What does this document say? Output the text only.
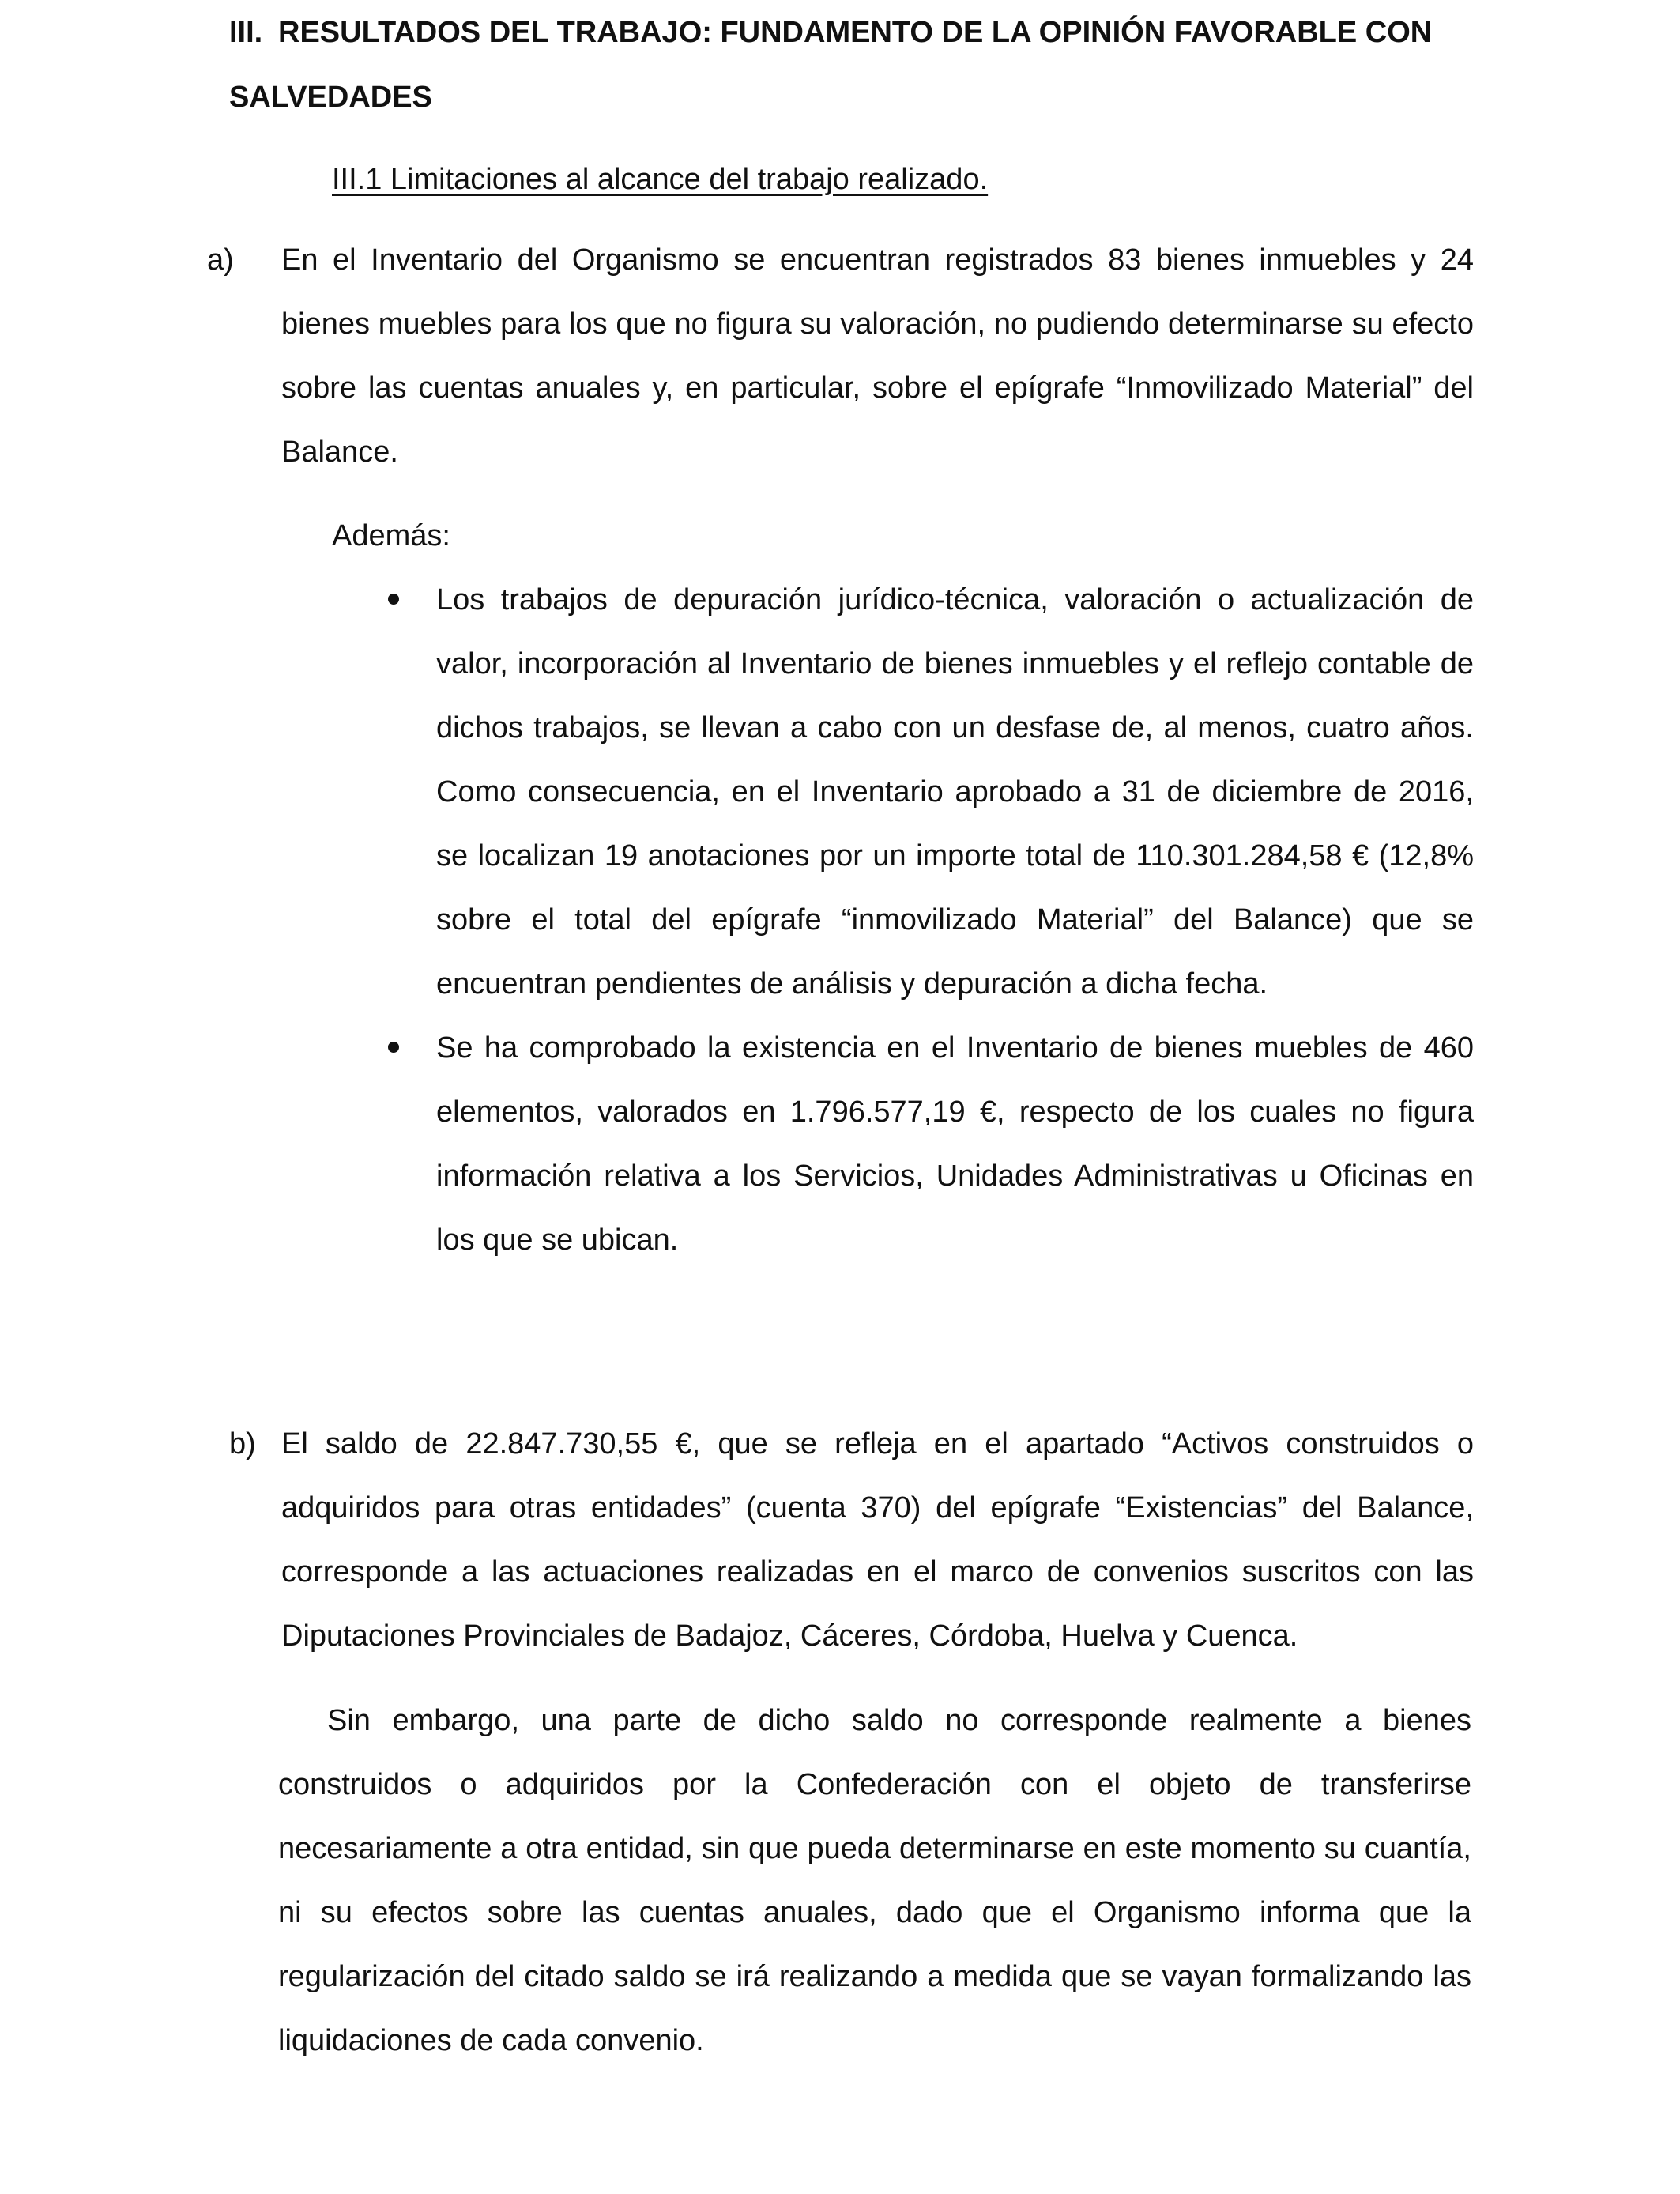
III. RESULTADOS DEL TRABAJO: FUNDAMENTO DE LA OPINIÓN FAVORABLE CON SALVEDADES
III.1 Limitaciones al alcance del trabajo realizado.
a)	En el Inventario del Organismo se encuentran registrados 83 bienes inmuebles y 24 bienes muebles para los que no figura su valoración, no pudiendo determinarse su efecto sobre las cuentas anuales y, en particular, sobre el epígrafe “Inmovilizado Material” del Balance.
Además:
Los trabajos de depuración jurídico-técnica, valoración o actualización de valor, incorporación al Inventario de bienes inmuebles y el reflejo contable de dichos trabajos, se llevan a cabo con un desfase de, al menos, cuatro años. Como consecuencia, en el Inventario aprobado a 31 de diciembre de 2016, se localizan 19 anotaciones por un importe total de 110.301.284,58 € (12,8% sobre el total del epígrafe “inmovilizado Material” del Balance) que se encuentran pendientes de análisis y depuración a dicha fecha.
Se ha comprobado la existencia en el Inventario de bienes muebles de 460 elementos, valorados en 1.796.577,19 €, respecto de los cuales no figura información relativa a los Servicios, Unidades Administrativas u Oficinas en los que se ubican.
b) El saldo de 22.847.730,55 €, que se refleja en el apartado “Activos construidos o adquiridos para otras entidades” (cuenta 370) del epígrafe “Existencias” del Balance, corresponde a las actuaciones realizadas en el marco de convenios suscritos con las Diputaciones Provinciales de Badajoz, Cáceres, Córdoba, Huelva y Cuenca.
Sin embargo, una parte de dicho saldo no corresponde realmente a bienes construidos o adquiridos por la Confederación con el objeto de transferirse necesariamente a otra entidad, sin que pueda determinarse en este momento su cuantía, ni su efectos sobre las cuentas anuales, dado que el Organismo informa que la regularización del citado saldo se irá realizando a medida que se vayan formalizando las liquidaciones de cada convenio.
